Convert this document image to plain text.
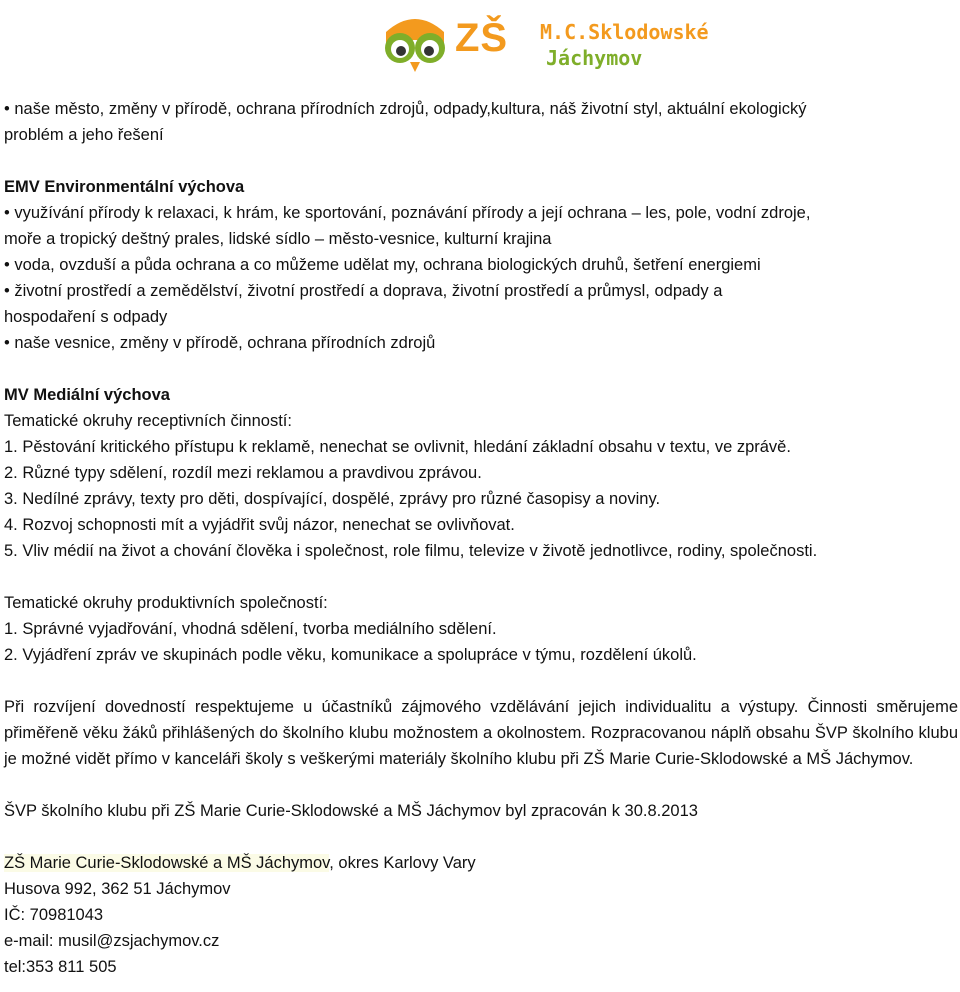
ZŠ M.C.Sklodowské
Jáchymov
• naše město, změny v přírodě, ochrana přírodních zdrojů, odpady,kultura, náš životní styl, aktuální ekologický
problém a jeho řešení
EMV Environmentální výchova
• využívání přírody k relaxaci, k hrám, ke sportování, poznávání přírody a její ochrana – les, pole, vodní zdroje,
moře a tropický deštný prales, lidské sídlo – město-vesnice, kulturní krajina
• voda, ovzduší a půda ochrana a co můžeme udělat my, ochrana biologických druhů, šetření energiemi
• životní prostředí a zemědělství, životní prostředí a doprava, životní prostředí a průmysl, odpady a
hospodaření s odpady
• naše vesnice, změny v přírodě, ochrana přírodních zdrojů
MV Mediální výchova
Tematické okruhy receptivních činností:
1. Pěstování kritického přístupu k reklamě, nenechat se ovlivnit, hledání základní obsahu v textu, ve zprávě.
2. Různé typy sdělení, rozdíl mezi reklamou a pravdivou zprávou.
3. Nedílné zprávy, texty pro děti, dospívající, dospělé, zprávy pro různé časopisy a noviny.
4. Rozvoj schopnosti mít a vyjádřit svůj názor, nenechat se ovlivňovat.
5. Vliv médií na život a chování člověka i společnost, role filmu, televize v životě jednotlivce, rodiny, společnosti.
Tematické okruhy produktivních společností:
1. Správné vyjadřování, vhodná sdělení, tvorba mediálního sdělení.
2. Vyjádření zpráv ve skupinách podle věku, komunikace a spolupráce v týmu, rozdělení úkolů.
Při rozvíjení dovedností respektujeme u účastníků zájmového vzdělávání jejich individualitu a výstupy. Činnosti směrujeme přiměřeně věku žáků přihlášených do školního klubu možnostem a okolnostem. Rozpracovanou náplň obsahu ŠVP školního klubu je možné vidět přímo v kanceláři školy s veškerými materiály školního klubu při ZŠ Marie Curie-Sklodowské a MŠ Jáchymov.
ŠVP školního klubu při ZŠ Marie Curie-Sklodowské a MŠ Jáchymov byl zpracován k 30.8.2013
ZŠ Marie Curie-Sklodowské a MŠ Jáchymov, okres Karlovy Vary
Husova 992, 362 51 Jáchymov
IČ: 70981043
e-mail: musil@zsjachymov.cz
tel:353 811 505
